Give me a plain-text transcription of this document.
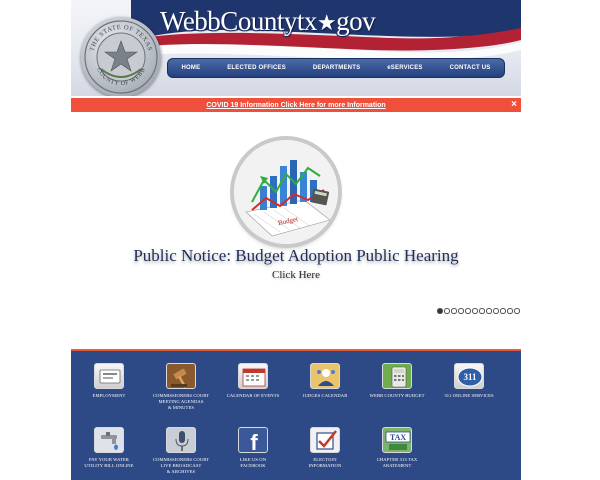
THE STATE OF TEXAS
COUNTY OF WEBB
WebbCountytx★gov
HOME	ELECTED OFFICES	DEPARTMENTS	eSERVICES	CONTACT US
COVID 19 Information Click Here for more Information	×
Budget
Public Notice: Budget Adoption Public Hearing
Click Here
EMPLOYMENT	COMMISSIONERS COURT
MEETING AGENDAS
& MINUTES
CALENDAR OF EVENTS	JUDGES CALENDAR	WEBB COUNTY BUDGET
311
311 ONLINE SERVICES
PAY YOUR WATER
UTILITY BILL ONLINE
COMMISSIONERS COURT
LIVE BROADCAST
& ARCHIVES
f
LIKE US ON
FACEBOOK
ELECTION
INFORMATION
TAX
CHAPTER 313 TAX
ABATEMENT
